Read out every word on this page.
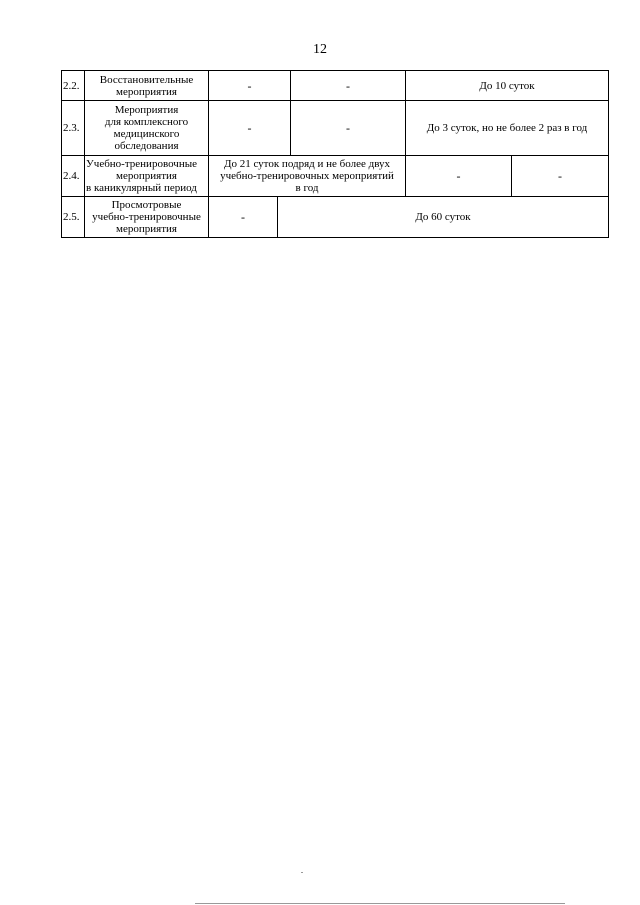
12
2.2.	Восстановительные
мероприятия	-		-	До 10 суток	
2.3.	Мероприятия
для комплексного
медицинского
обследования	-		-	До 3 суток, но не более 2 раз в год	
2.4.	Учебно-тренировочные
мероприятия
в каникулярный период	До 21 суток подряд и не более двух
учебно-тренировочных мероприятий
в год			-	-
2.5.	Просмотровые
учебно-тренировочные
мероприятия	-	До 60 суток			
